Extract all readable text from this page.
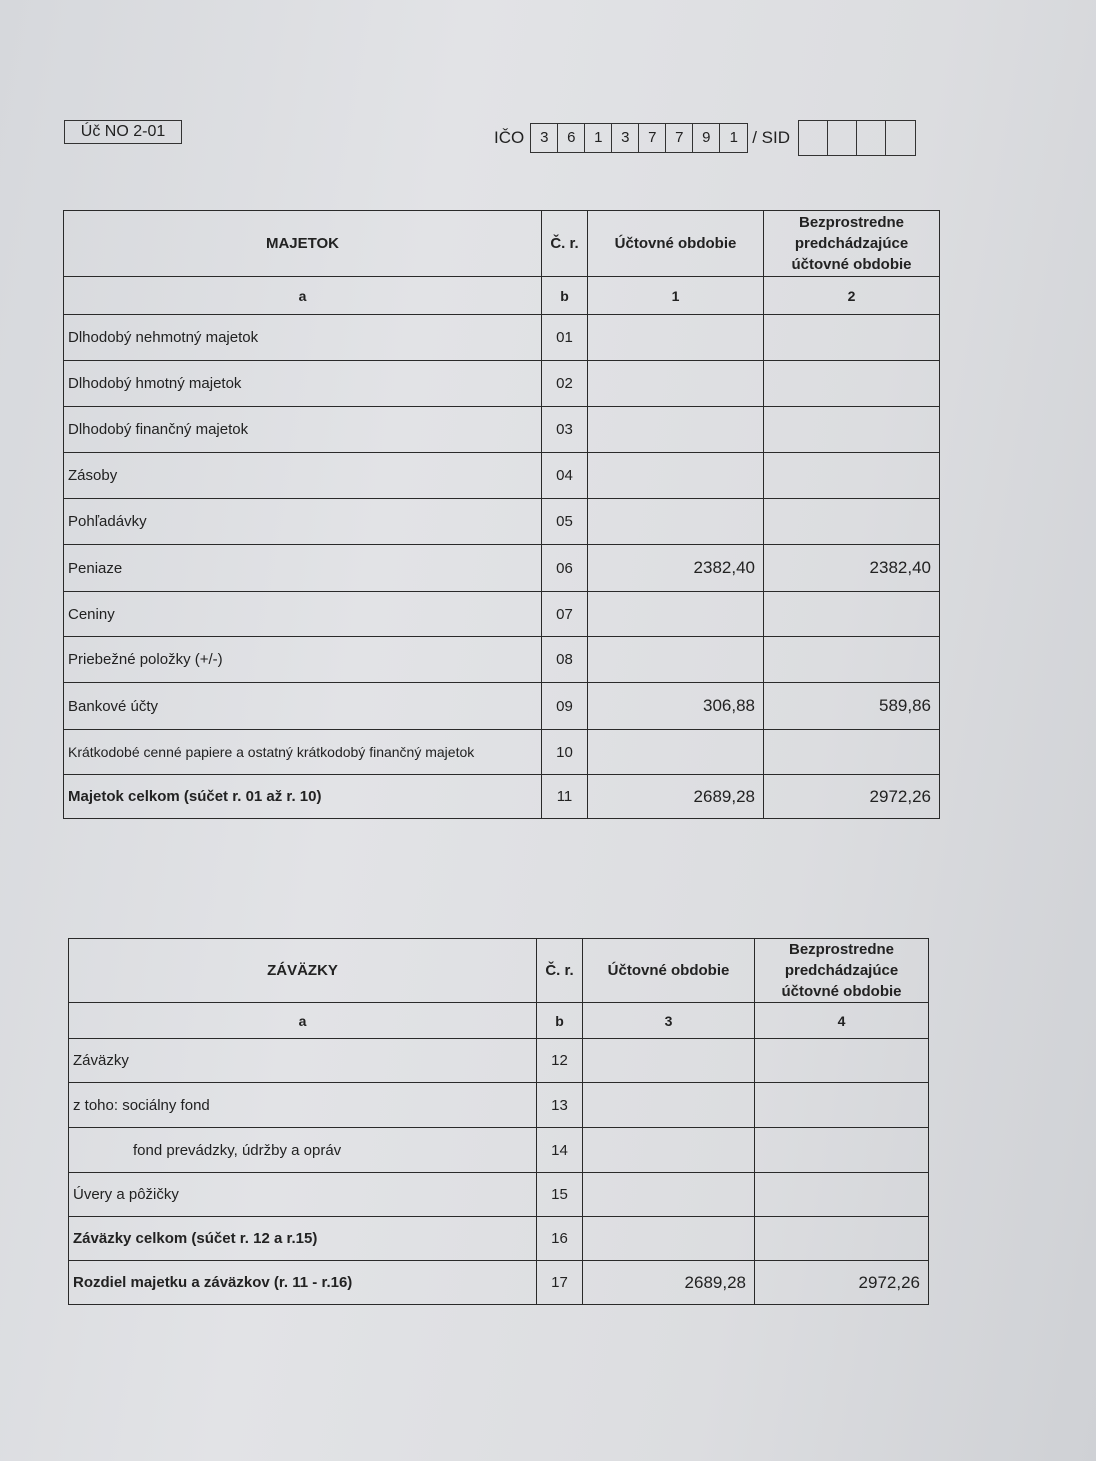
Úč NO 2-01	IČO	3	6	1	3	7	7	9	1 / SID
MAJETOK	Č. r.	Účtovné obdobie	Bezprostredne predchádzajúce účtovné obdobie
a	b	1	2
Dlhodobý nehmotný majetok	01		
Dlhodobý hmotný majetok	02		
Dlhodobý finančný majetok	03		
Zásoby	04		
Pohľadávky	05		
Peniaze	06	2382,40	2382,40
Ceniny	07		
Priebežné položky (+/-)	08		
Bankové účty	09	306,88	589,86
Krátkodobé cenné papiere a ostatný krátkodobý finančný majetok	10		
Majetok celkom (súčet r. 01 až r. 10)	11	2689,28	2972,26
ZÁVÄZKY	Č. r.	Účtovné obdobie	Bezprostredne predchádzajúce účtovné obdobie
a	b	3	4
Záväzky	12		
z toho: sociálny fond	13		
fond prevádzky, údržby a opráv	14		
Úvery a pôžičky	15		
Záväzky celkom (súčet r. 12 a r.15)	16		
Rozdiel majetku a záväzkov (r. 11 - r.16)	17	2689,28	2972,26
